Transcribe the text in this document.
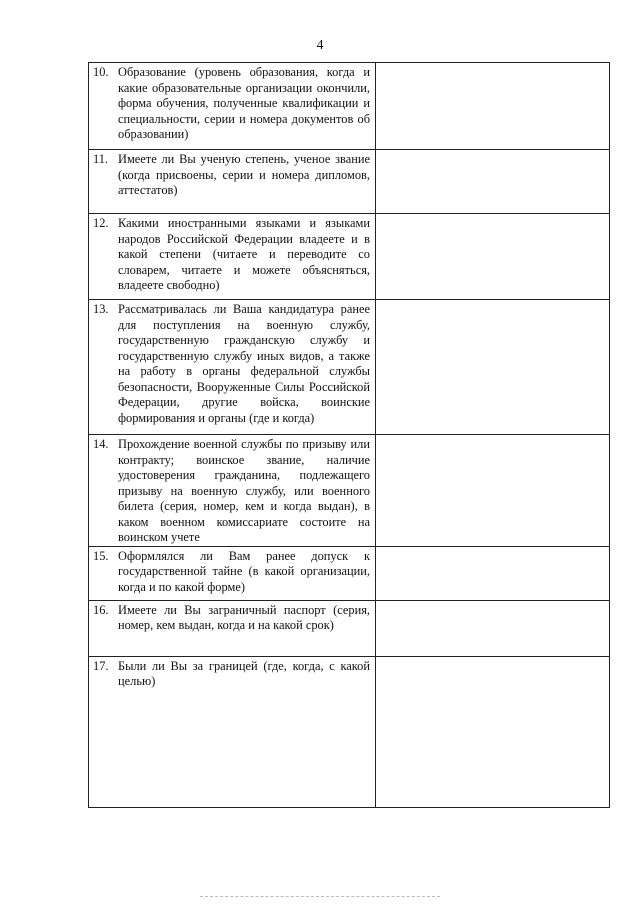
4
10. Образование (уровень образования, когда и какие образовательные организации окончили, форма обучения, полученные квалификации и специальности, серии и номера документов об образовании)	

11. Имеете ли Вы ученую степень, ученое звание (когда присвоены, серии и номера дипломов, аттестатов)	

12. Какими иностранными языками и языками народов Российской Федерации владеете и в какой степени (читаете и переводите со словарем, читаете и можете объясняться, владеете свободно)	

13. Рассматривалась ли Ваша кандидатура ранее для поступления на военную службу, государственную гражданскую службу и государственную службу иных видов, а также на работу в органы федеральной службы безопасности, Вооруженные Силы Российской Федерации, другие войска, воинские формирования и органы (где и когда)	

14. Прохождение военной службы по призыву или контракту; воинское звание, наличие удостоверения гражданина, подлежащего призыву на военную службу, или военного билета (серия, номер, кем и когда выдан), в каком военном комиссариате состоите на воинском учете	

15. Оформлялся ли Вам ранее допуск к государственной тайне (в какой организации, когда и по какой форме)	

16. Имеете ли Вы заграничный паспорт (серия, номер, кем выдан, когда и на какой срок)	

17. Были ли Вы за границей (где, когда, с какой целью)	
